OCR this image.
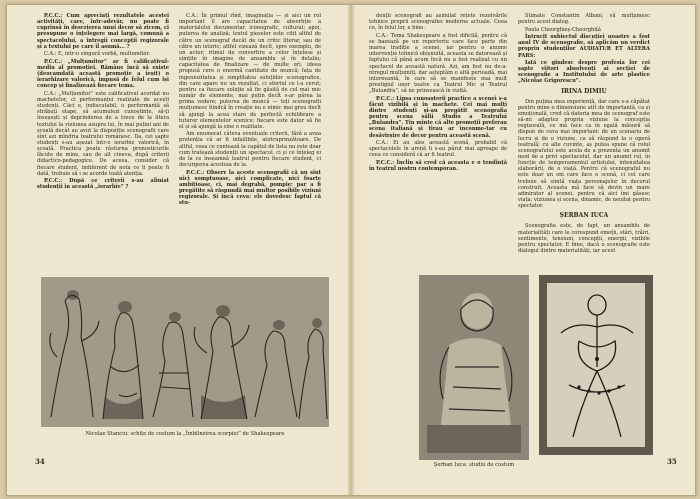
P.C.C.: Cum apreciați rezultatele acestei activități, care, într-adevăr, nu poate fi cuprinsă în descrierea unui decor să zicem, ci presupune o înțelegere mai largă, comună a spectacolului, a întregii concepții regizorale și a textului pe care îl asumă... ?

C.A.: E, intr-o singură vorbă, multumitor.

P.C.C.: „Mulțumitor” ar fi calificativul-mediu al promoției. Rămâne încă să existe (deocamdată această promoție a ieșit) o ierarhizare valorică, impusă de felul cum își concep și finalizează fiecare tema.

C.A.: „Mulțumitor” este calificativul acordat nu machetelor, ci performanței realizate de acești studenți. Căci e, indiscutabil, o performanță să străbați etape, să acumulezi cunoștințe, să-ți însușești și deprinderea de a trece de la litera textului la viziunea asupra lui, în mai puțini ani de școală decât au avut la dispoziție scenografii care sînt azi mîndria teatrului românesc. Da, cei șapte studenți s-au așezat într-o ierarhie valorică, în școală. Practica poate răsturna pronosticurile făcute de mine, sau de alt cineva, după criterii didactico-pedagogice. De aceea, consider că fiecare student, indiferent de nota ce li poate fi dată, trebuie să i se acorde toată atenția.

P.C.C.: După ce criterii s-au aliniat studenții în această „ierarhie” ?

C.A.: În primul rînd, imaginația — și aici un rol important îl are capacitatea de absorbție a materialului documentar, iconografic, cultural; apoi, puterea de analiză; textul pieselor este citit altfel de către un scenograf decât de un critic literar, sau de către un istoric; altfel vizează decît, spre exemplu, de un actor; ritmul de convertire a celor înțelese și simțite în imagine de ansamblu și în detaliu; capacitatea de finalizare — de multe ori, ideea propusă cere o enormă cantitate de muncă; fața de ingeniozitatea și simplitatea soluțiilor scenografice, din care apare nu un rezultat, ci efortul ce l-a cerut; pentru ca fiecare soluție să fie găsită de cel mai mic număr de elemente, mai puțin decît s-ar părea la prima vedere; puterea de muncă — toți scenografii mulțumesc fiindcă în creație nu e nimic mai greu decît să ajungi la acea stare de perfectă echilibrare a tuturor elementelor scenice; fiecare este dator să fie el și să ajungă la sine o realitate.

Am enumerat câteva eventuale criterii, fără a avea pretenția că ar fi infailibile, atotcuprinzătoare. De altfel, ceea ce contează la capătul de lista nu este doar cum tratează studenții un spectacol, ci și ce înțeleg ei de la ce înseamnă teatrul pentru fiecare student, ci decurgerea acestuia de la.

P.C.C.: Observ la aceste scenografii că nu sînt nici somptuoase, nici complicate, nici foarte ambițioase, ci, mai degrabă, pompie: par a fi pregătite să răspundă mai multor posibile viziuni regizorale. Și încă ceva: ele dovedesc faptul că stu-

Nicolae Stanciu: schițe de costum la „Îmblînzirea scorpiei” de Shakespeare
34

denții scenografi au asimilat rețete rezolvările tehnice proprii scenografiei moderne actuale. Ceea ce, în felul lor, e bine.

C.A.: Tema Shakespeare a fost dificilă, pentru că se bazează pe un repertoriu care face parte din marea tradiție a scenei, iar pentru o anume intervenție tehnică obișnuită, aceasta se datorează și faptului că până acum încă nu a fost realizat cu un spectacol de această natură. Azi, am fost nu de-a-ntregul mulțumiți, dar așteptăm o altă perioadă, mai interesantă, în care să se manifeste mai mult prestigiul unor teatre ca Teatrul Mic și Teatrul „Bulandra”, să ne prinsească în vizită.

P.C.C.: Lipsa cunoașterii practice a scenei s-a făcut vizibilă și în machete. Cei mai mulți dintre studenți și-au pregătit scenografia pentru scena sălii Studio a Teatrului „Bulandra”. Tîn minte că alte promoții preferau scena italiană și tirau ar inconme-tar cu desăvîrșire de decor pentru această scenă.

C.A.: Ei au ales această scenă, probabil că spectacolele în arenă li s-au părut mai aproape de ceea ce consideră că ar fi teatrul.

P.C.C.: Înclin să cred că aceasta e o tendință în teatrul nostru contemporan.

Stimate Constantin Albani, vă mulțumesc pentru acest dialog.

Paula Cheorghieș-Cheorghiță

Întrucît subiectul discuției noastre a fost anul IV de scenografie, să aplicăm un verdict propriu studenților AUDIATUR ET ALTERA PARS:

Iată ce gîndesc despre profesia lor cei șapte viitori absolvenți ai secției de scenografie a Institutului de arte plastice „Nicolae Grigorescu”.

IRINA DIMIU

Din puțina mea experiență, dar care s-a căpătat pentru mine o dimensiune atît de importantă, ca și emoțională, cred că datoria mea de scenograf este să-mi adaptez propria viziune la concepția regizorală, ce mă face ca în egală măsură să dispun de ceva mai important: de un scenariu de lucru și de o viziune, ca să răspund la o operă teatrală; cu alte cuvinte, aș putea spune că rolul scenografului este acela de a prezenta un anumit mod de a privi spectacolul, dar un anumit rol, în funcție de temperamentul artistului, intensitatea elaborării, de o viață. Pentru că scenograful nu este doar un om care face o scenă, ci cel care trebuie să simtă viața personajelor în decorul construit. Aceasta mă face să devin un mare admirator al scenei, pentru că aici îmi găsesc viața; viziunea și scena, dinamic, de neuitat pentru spectator.

ȘERBAN IUCA

Scenografia este, de fapt, un ansamblu de materialități care le corespund emoții, stări, trăiri, sentimente, tensiuni, concepții, energii, vizibile pentru spectator. E bine, dacă o scenografie este dialogul dintre materialități, iar acest

Șerban Iuca: studiu de costum	35
